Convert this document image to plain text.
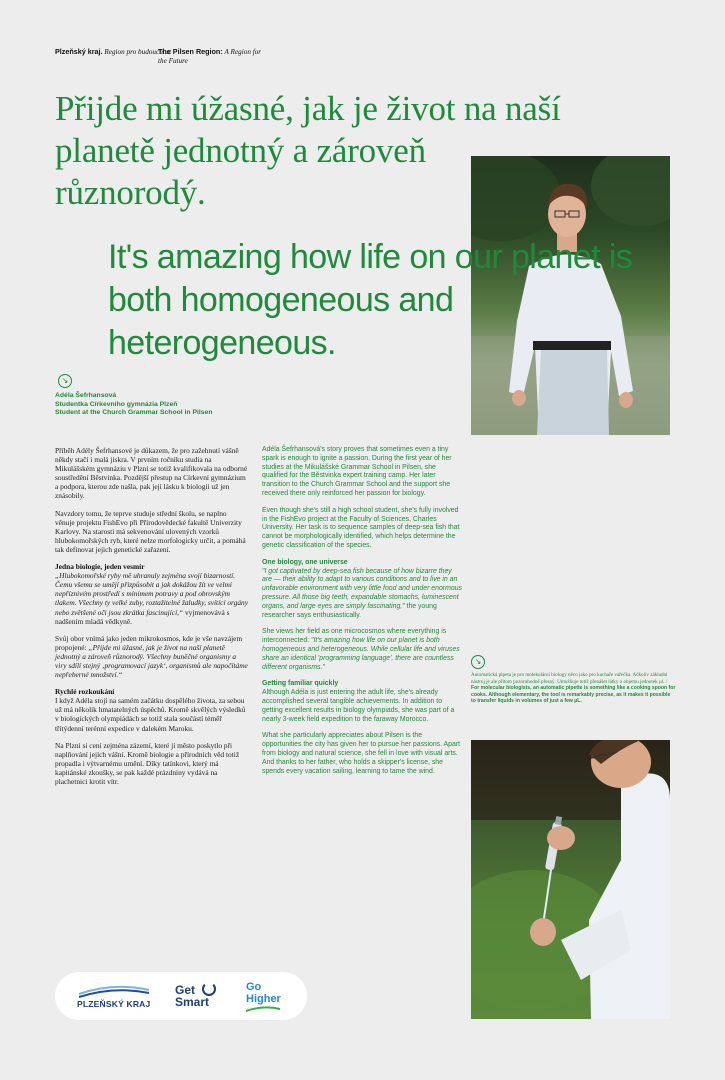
Plzeňský kraj. Region pro budoucnost
The Pilsen Region: A Region for the Future
Přijde mi úžasné, jak je život na naší planetě jednotný a zároveň různorodý.
It's amazing how life on our planet is both homogeneous and heterogeneous.
↘
Adéla Šefrhansová
Studentka Církevního gymnázia Plzeň
Student at the Church Grammar School in Pilsen

Příběh Adély Šefrhansové je důkazem, že pro zažehnutí vášně někdy stačí i malá jiskra. V prvním ročníku studia na Mikulášském gymnáziu v Plzni se totiž kvalifikovala na odborné soustředění Běstvinka. Pozdější přestup na Církevní gymnázium a podpora, kterou zde našla, pak její lásku k biologii už jen znásobily.

Navzdory tomu, že teprve studuje střední školu, se naplno věnuje projektu FishEvo při Přírodovědecké fakultě Univerzity Karlovy. Na starosti má sekvenování ulovených vzorků hlubokomořských ryb, které nelze morfologicky určit, a pomáhá tak definovat jejich genetické zařazení.

Jedna biologie, jeden vesmír

„Hlubokomořské ryby mě uhranuly zejména svojí bizarností. Čemu všemu se umějí přizpůsobit a jak dokážou žít ve velmi nepříznivém prostředí s minimem potravy a pod obrovským tlakem. Všechny ty velké zuby, roztažitelné žaludky, svítící orgány nebo zvětšené oči jsou zkrátka fascinující,“ vyjmenovává s nadšením mladá vědkyně.

Svůj obor vnímá jako jeden mikrokosmos, kde je vše navzájem propojené: „Přijde mi úžasné, jak je život na naší planetě jednotný a zároveň různorodý. Všechny buněčné organismy a viry sdílí stejný ‚programovací jazyk‘, organismů ale napočítáme nepřeberné množství.“

Rychlé rozkoukání

I když Adéla stojí na samém začátku dospělého života, za sebou už má několik hmatatelných úspěchů. Kromě skvělých výsledků v biologických olympiádách se totiž stala součástí téměř třítýdenní terénní expedice v dalekém Maroku.

Na Plzni si cení zejména zázemí, které jí město poskytlo při naplňování jejích vášní. Kromě biologie a přírodních věd totiž propadla i výtvarnému umění. Díky tatínkovi, který má kapitánské zkoušky, se pak každé prázdniny vydává na plachetnici krotit vítr.

Adéla Šefrhansová's story proves that sometimes even a tiny spark is enough to ignite a passion. During the first year of her studies at the Mikulášské Grammar School in Pilsen, she qualified for the Běstvinka expert training camp. Her later transition to the Church Grammar School and the support she received there only reinforced her passion for biology.

Even though she's still a high school student, she's fully involved in the FishEvo project at the Faculty of Sciences, Charles University. Her task is to sequence samples of deep-sea fish that cannot be morphologically identified, which helps determine the genetic classification of the species.

One biology, one universe

"I got captivated by deep-sea fish because of how bizarre they are — their ability to adapt to various conditions and to live in an unfavorable environment with very little food and under enormous pressure. All those big teeth, expandable stomachs, luminescent organs, and large eyes are simply fascinating," the young researcher says enthusiastically.

She views her field as one microcosmos where everything is interconnected: "It's amazing how life on our planet is both homogeneous and heterogeneous. While cellular life and viruses share an identical 'programming language', there are countless different organisms."

Getting familiar quickly

Although Adéla is just entering the adult life, she's already accomplished several tangible achievements. In addition to getting excellent results in biology olympiads, she was part of a nearly 3-week field expedition to the faraway Morocco.

What she particularly appreciates about Pilsen is the opportunities the city has given her to pursue her passions. Apart from biology and natural science, she fell in love with visual arts. And thanks to her father, who holds a skipper's license, she spends every vacation sailing, learning to tame the wind.

↘
Automatická pipeta je pro molekulární biology něco jako pro kuchaře vařečka. Ačkoliv základní nástroj je ale přitom pozoruhodně přesný. Umožňuje totiž přenášet látky o objemu jednotek µl. / For molecular biologists, an automatic pipette is something like a cooking spoon for cooks. Although elementary, the tool is remarkably precise, as it makes it possible to transfer liquids in volumes of just a few µL.
PLZEŇSKÝ KRAJ
Get
Smart
Go
Higher
